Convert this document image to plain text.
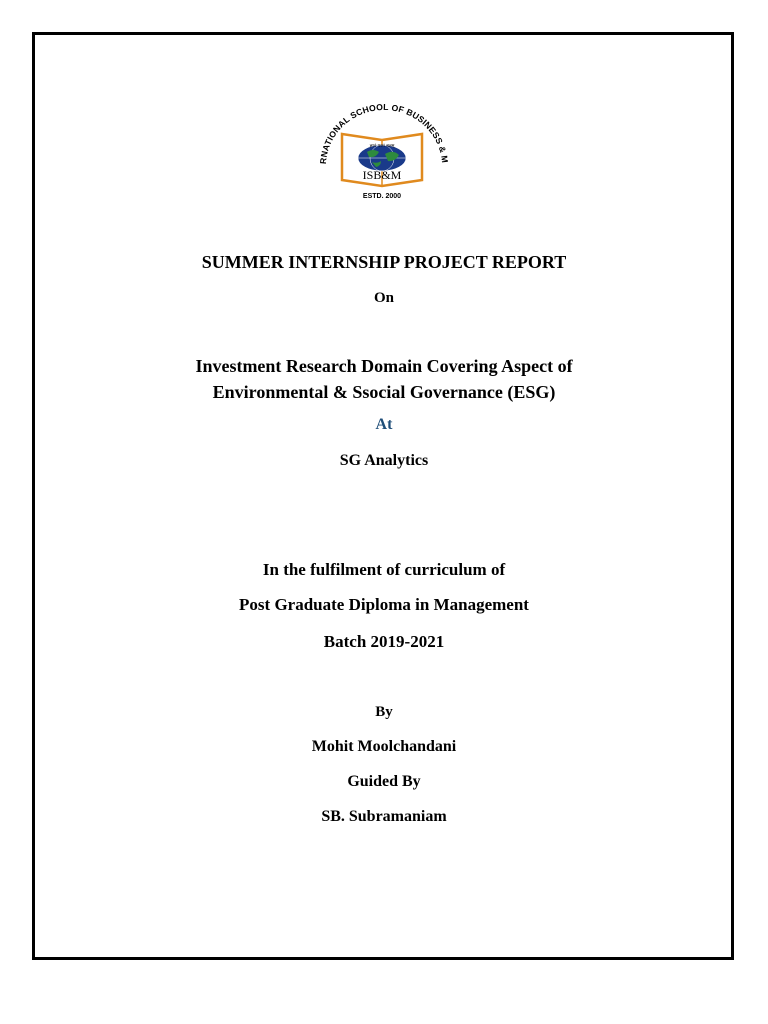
RNATIONAL SCHOOL OF BUSINESS & M
ज्ञानं परमं बलम्
ISB&M
ESTD. 2000
SUMMER INTERNSHIP PROJECT REPORT
On
Investment Research Domain Covering Aspect of
Environmental & Ssocial Governance (ESG)
At
SG Analytics
In the fulfilment of curriculum of
Post Graduate Diploma in Management
Batch 2019-2021
By
Mohit Moolchandani
Guided By
SB. Subramaniam
